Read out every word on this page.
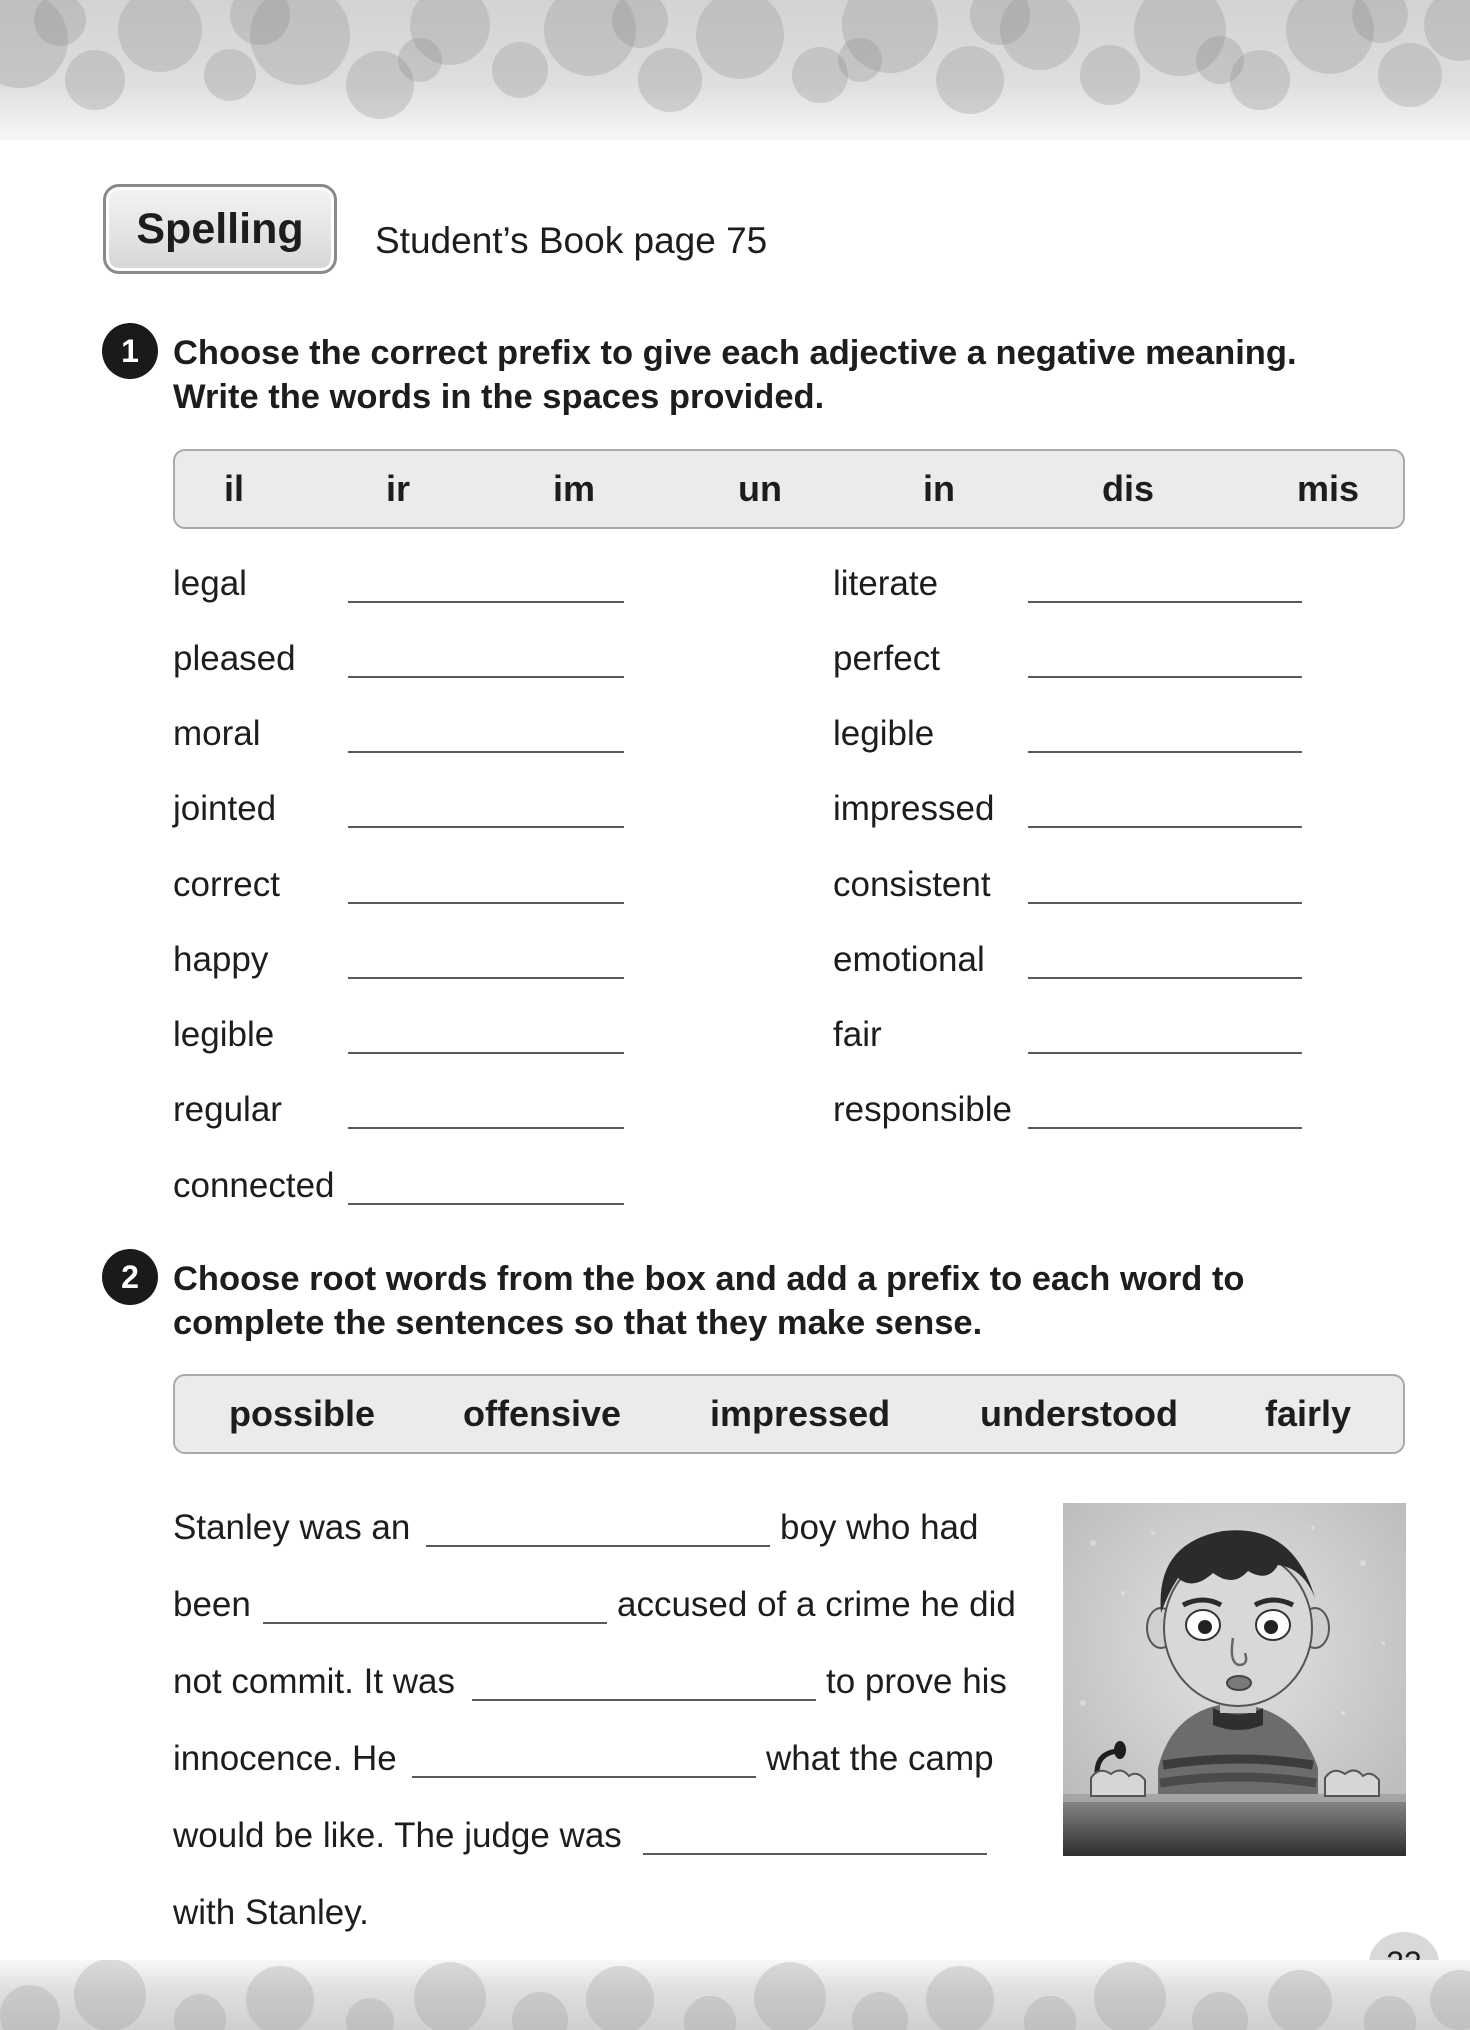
Spelling	Student’s Book page 75
1 Choose the correct prefix to give each adjective a negative meaning.
Write the words in the spaces provided.
il	ir	im	un	in	dis	mis
legal
pleased
moral
jointed
correct
happy
legible
regular
connected
literate
perfect
legible
impressed
consistent
emotional
fair
responsible
2 Choose root words from the box and add a prefix to each word to
complete the sentences so that they make sense.
possible offensive impressed understood fairly
Stanley was an	boy who had
been	accused of a crime he did
not commit. It was	to prove his
innocence. He	what the camp
would be like. The judge was
with Stanley.
